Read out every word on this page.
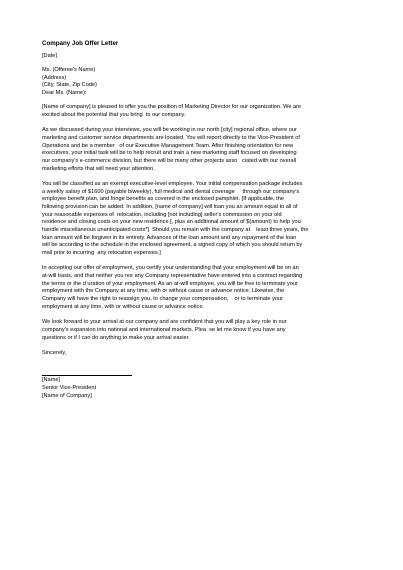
Company Job Offer Letter
[Date]
Ms. (Offeree's Name)
(Address)
(City, State, Zip Code)
Dear Ms. (Name):
[Name of company] is pleased to offer you the position of Marketing Director for our organization. We are
excited about the potential that you bring  to our company.
As we discussed during your interviews, you will be working in our north [city] regional office, where our
marketing and customer service departments are located. You will report directly to the Vice-President of
Operations and be a member   of our Executive Management Team. After finishing orientation for new
executives, your initial task will be to help recruit and train a new marketing staff focused on developing
our company's e-commerce division, but there will be many other projects asso   ciated with our overall
marketing efforts that will need your attention.
You will be classified as an exempt executive-level employee. Your initial compensation package includes
a weekly salary of $1600 (payable biweekly), full medical and dental coverage     through our company's
employee benefit plan, and fringe benefits as covered in the enclosed pamphlet. [If applicable, the
following provision can be added: In addition, [name of company] will loan you an amount equal to all of
your reasonable expenses of  relocation, including [not including] seller's commission on your old
residence and closing costs on your new residence [, plus an additional amount of $(amount) to help you
handle miscellaneous unanticipated costs*]. Should you remain with the company at    least three years, the
loan amount will be forgiven in its entirety. Advances of the loan amount and any repayment of the loan
will be according to the schedule in the enclosed agreement, a signed copy of which you should return by
mail prior to incurring  any relocation expenses.]
In accepting our offer of employment, you certify your understanding that your employment will be on an
at-will basis, and that neither you nor any Company representative have entered into a contract regarding
the terms or the d uration of your employment. As an at-will employee, you will be free to terminate your
employment with the Company at any time, with or without cause or advance notice. Likewise, the
Company will have the right to reassign you, to change your compensation,    or to terminate your
employment at any time, with or without cause or advance notice.
We look forward to your arrival at our company and are confident that you will play a key role in our
company's expansion into national and international markets. Plea  se let me know if you have any
questions or if I can do anything to make your arrival easier.
Sincerely,
[Name]
Senior Vice-President
[Name of Company]
